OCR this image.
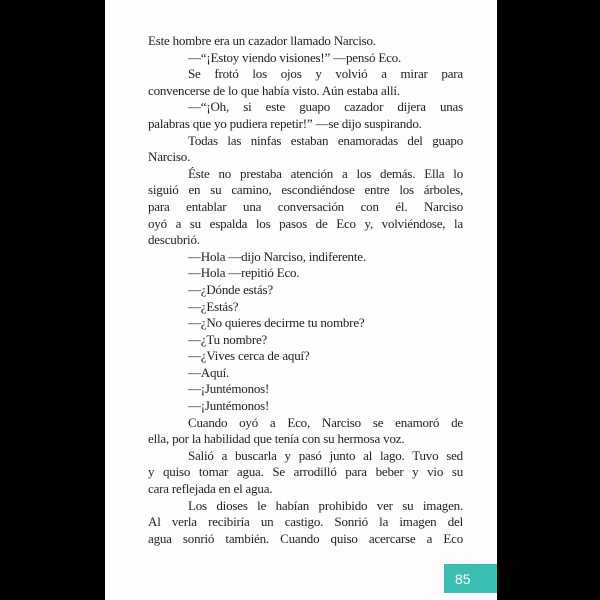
Este hombre era un cazador llamado Narciso.
—“¡Estoy viendo visiones!” —pensó Eco.
Se frotó los ojos y volvió a mirar para
convencerse de lo que había visto. Aún estaba allí.
—“¡Oh, si este guapo cazador dijera unas
palabras que yo pudiera repetir!” —se dijo suspirando.
Todas las ninfas estaban enamoradas del guapo
Narciso.
Éste no prestaba atención a los demás. Ella lo
siguió en su camino, escondiéndose entre los árboles,
para entablar una conversación con él. Narciso
oyó a su espalda los pasos de Eco y, volviéndose, la
descubrió.
—Hola —dijo Narciso, indiferente.
—Hola —repitió Eco.
—¿Dónde estás?
—¿Estás?
—¿No quieres decirme tu nombre?
—¿Tu nombre?
—¿Vives cerca de aquí?
—Aquí.
—¡Juntémonos!
—¡Juntémonos!
Cuando oyó a Eco, Narciso se enamoró de
ella, por la habilidad que tenía con su hermosa voz.
Salió a buscarla y pasó junto al lago. Tuvo sed
y quiso tomar agua. Se arrodilló para beber y vio su
cara reflejada en el agua.
Los dioses le habían prohibido ver su imagen.
Al verla recibiría un castigo. Sonrió la imagen del
agua sonrió también. Cuando quiso acercarse a Eco
85
